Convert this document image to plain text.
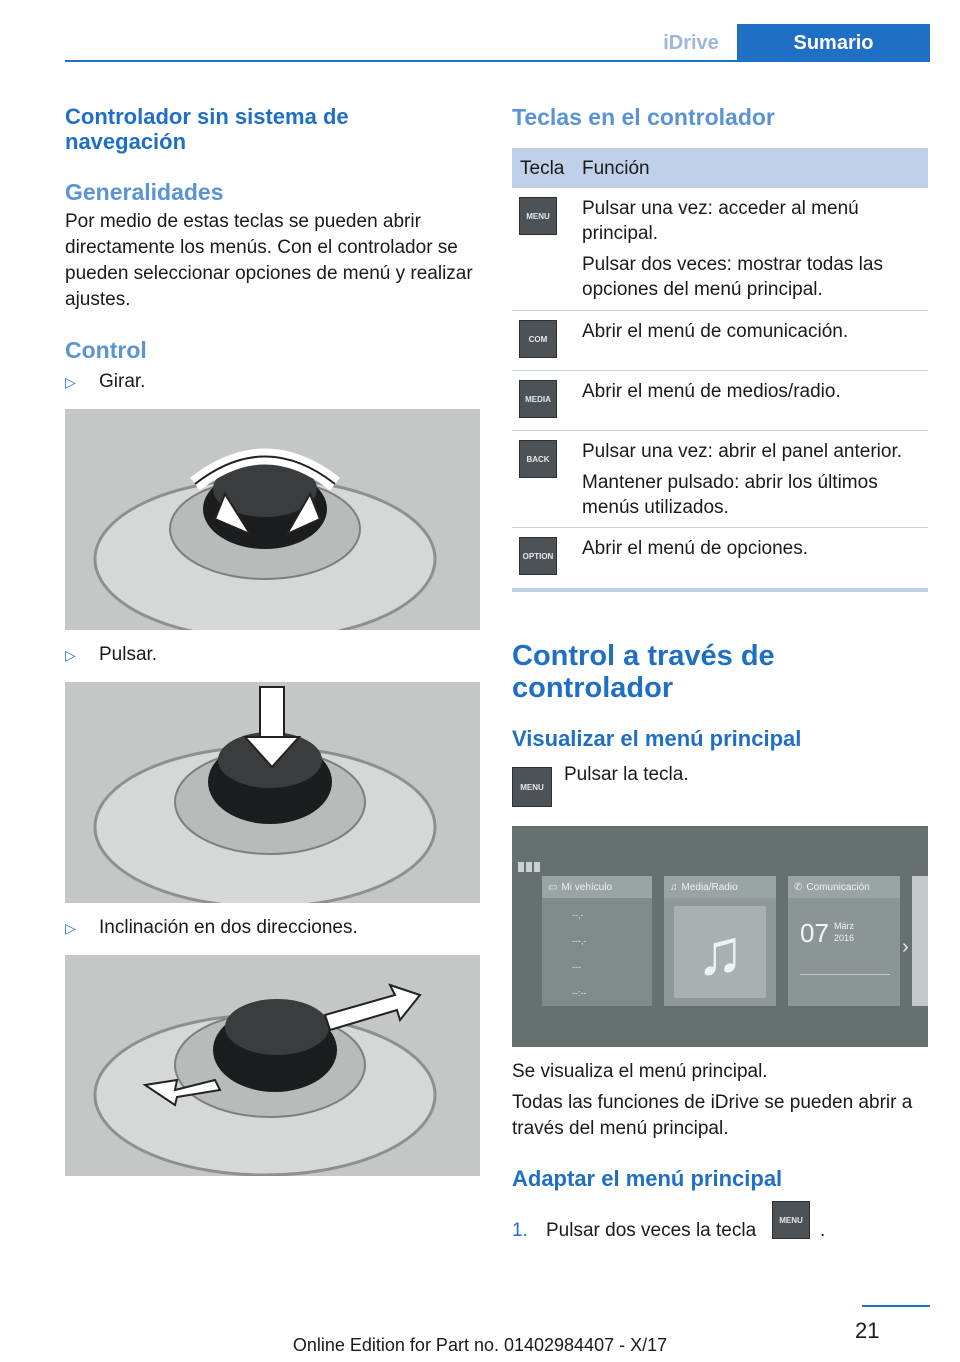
iDrive	Sumario
Controlador sin sistema de navegación
Generalidades
Por medio de estas teclas se pueden abrir directamente los menús. Con el controlador se pueden seleccionar opciones de menú y realizar ajustes.
Control
▷ Girar.
▷ Pulsar.
▷ Inclinación en dos direcciones.
Teclas en el controlador
Tecla Función
MENU	Pulsar una vez: acceder al menú principal.

Pulsar dos veces: mostrar todas las opciones del menú principal.

COM	Abrir el menú de comunicación.

MEDIA	Abrir el menú de medios/radio.

BACK	Pulsar una vez: abrir el panel anterior.

Mantener pulsado: abrir los últimos menús utilizados.

OPTION Abrir el menú de opciones.

Control a través de controlador
Visualizar el menú principal
MENU
Pulsar la tecla.
▭ Mi vehículo
--,-
---,-
---
--:--
♫ Media/Radio
♫
✆ Comunicación
07 März
2016 ›
Se visualiza el menú principal.
Todas las funciones de iDrive se pueden abrir a través del menú principal.
Adaptar el menú principal
1. Pulsar dos veces la tecla	MENU .
21
Online Edition for Part no. 01402984407 - X/17
